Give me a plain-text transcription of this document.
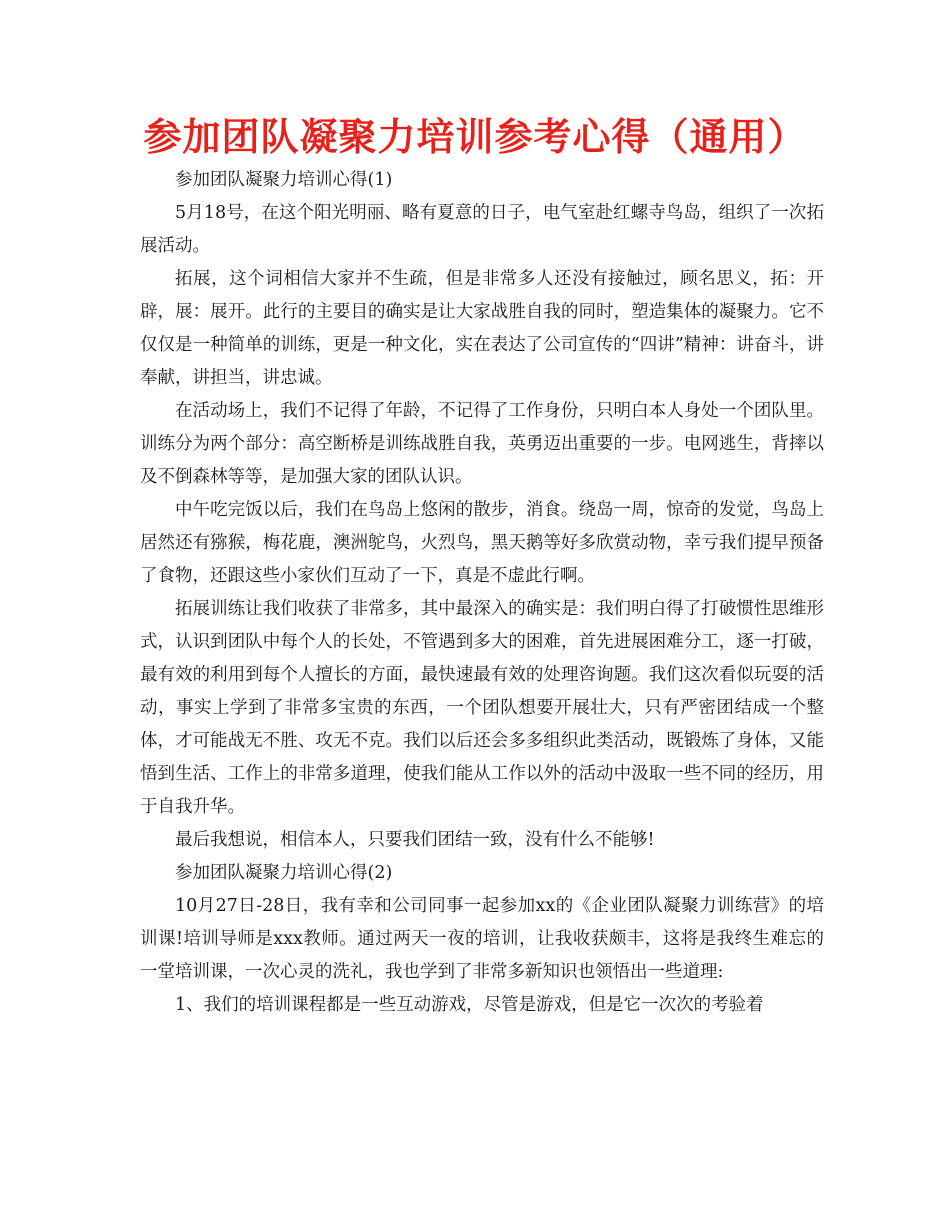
参加团队凝聚力培训参考心得（通用）

参加团队凝聚力培训心得(1)

5月18号，在这个阳光明丽、略有夏意的日子，电气室赴红螺寺鸟岛，组织了一次拓展活动。

拓展，这个词相信大家并不生疏，但是非常多人还没有接触过，顾名思义，拓：开辟，展：展开。此行的主要目的确实是让大家战胜自我的同时，塑造集体的凝聚力。它不仅仅是一种简单的训练，更是一种文化，实在表达了公司宣传的“四讲”精神：讲奋斗，讲奉献，讲担当，讲忠诚。

在活动场上，我们不记得了年龄，不记得了工作身份，只明白本人身处一个团队里。训练分为两个部分：高空断桥是训练战胜自我，英勇迈出重要的一步。电网逃生，背摔以及不倒森林等等，是加强大家的团队认识。

中午吃完饭以后，我们在鸟岛上悠闲的散步，消食。绕岛一周，惊奇的发觉，鸟岛上居然还有猕猴，梅花鹿，澳洲鸵鸟，火烈鸟，黑天鹅等好多欣赏动物，幸亏我们提早预备了食物，还跟这些小家伙们互动了一下，真是不虚此行啊。

拓展训练让我们收获了非常多，其中最深入的确实是：我们明白得了打破惯性思维形式，认识到团队中每个人的长处，不管遇到多大的困难，首先进展困难分工，逐一打破，最有效的利用到每个人擅长的方面，最快速最有效的处理咨询题。我们这次看似玩耍的活动，事实上学到了非常多宝贵的东西，一个团队想要开展壮大，只有严密团结成一个整体，才可能战无不胜、攻无不克。我们以后还会多多组织此类活动，既锻炼了身体，又能悟到生活、工作上的非常多道理，使我们能从工作以外的活动中汲取一些不同的经历，用于自我升华。

最后我想说，相信本人，只要我们团结一致，没有什么不能够!

参加团队凝聚力培训心得(2)

10月27日-28日，我有幸和公司同事一起参加xx的《企业团队凝聚力训练营》的培训课!培训导师是xxx教师。通过两天一夜的培训，让我收获颇丰，这将是我终生难忘的一堂培训课，一次心灵的洗礼，我也学到了非常多新知识也领悟出一些道理:

1、我们的培训课程都是一些互动游戏，尽管是游戏，但是它一次次的考验着
